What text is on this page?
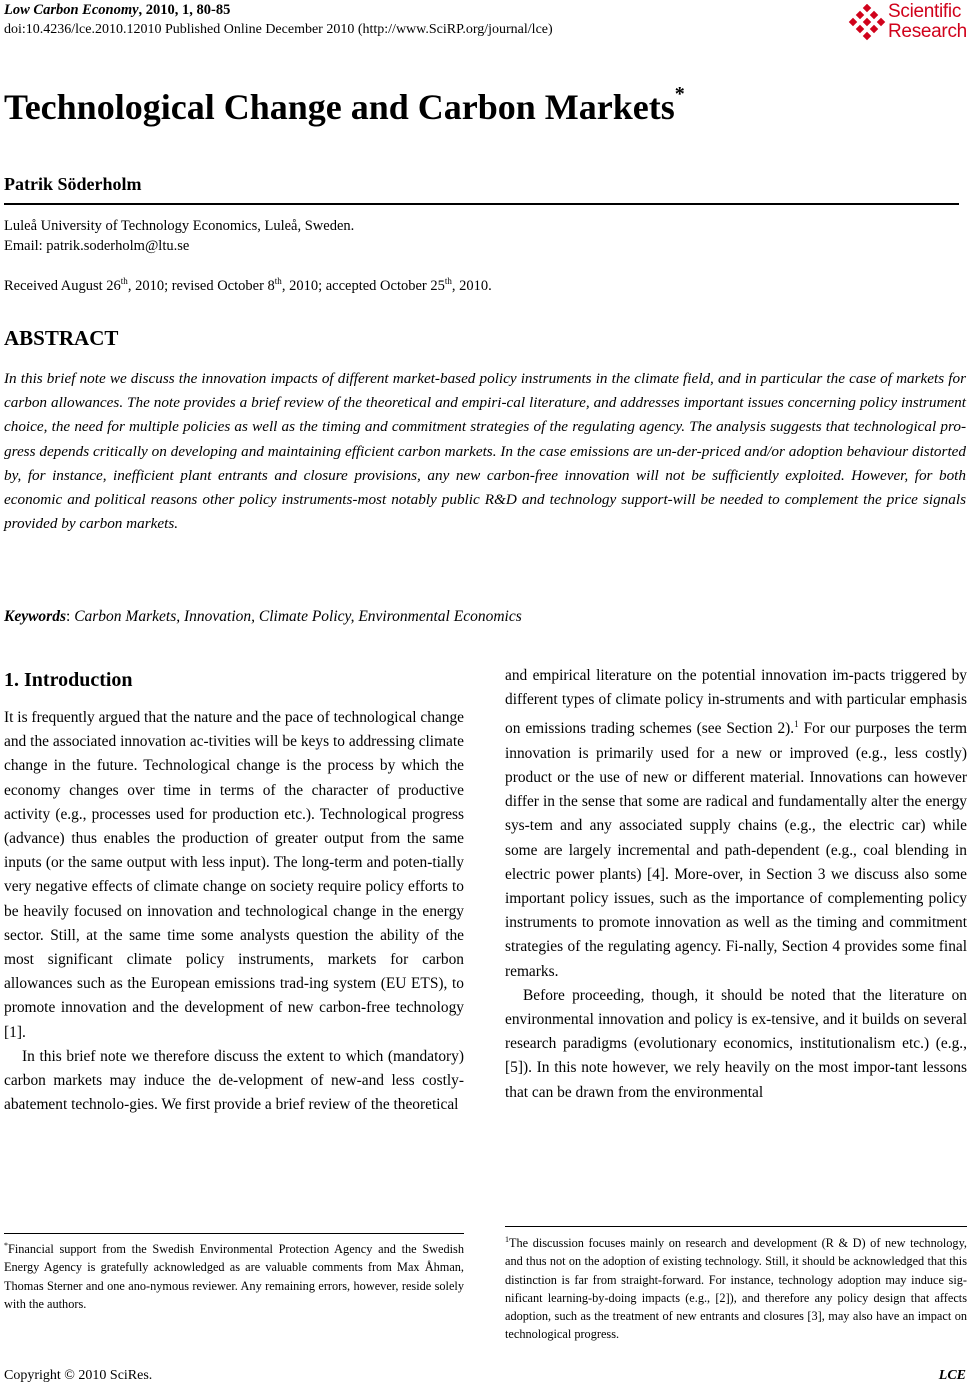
Low Carbon Economy, 2010, 1, 80-85
doi:10.4236/lce.2010.12010 Published Online December 2010 (http://www.SciRP.org/journal/lce)
Scientific
Research
Technological Change and Carbon Markets*
Patrik Söderholm
Luleå University of Technology Economics, Luleå, Sweden.
Email: patrik.soderholm@ltu.se
Received August 26th, 2010; revised October 8th, 2010; accepted October 25th, 2010.
ABSTRACT
In this brief note we discuss the innovation impacts of different market-based policy instruments in the climate field, and in particular the case of markets for carbon allowances. The note provides a brief review of the theoretical and empiri-cal literature, and addresses important issues concerning policy instrument choice, the need for multiple policies as well as the timing and commitment strategies of the regulating agency. The analysis suggests that technological pro-gress depends critically on developing and maintaining efficient carbon markets. In the case emissions are un-der-priced and/or adoption behaviour distorted by, for instance, inefficient plant entrants and closure provisions, any new carbon-free innovation will not be sufficiently exploited. However, for both economic and political reasons other policy instruments-most notably public R&D and technology support-will be needed to complement the price signals provided by carbon markets.
Keywords: Carbon Markets, Innovation, Climate Policy, Environmental Economics
1. Introduction

It is frequently argued that the nature and the pace of technological change and the associated innovation ac-tivities will be keys to addressing climate change in the future. Technological change is the process by which the economy changes over time in terms of the character of productive activity (e.g., processes used for production etc.). Technological progress (advance) thus enables the production of greater output from the same inputs (or the same output with less input). The long-term and poten-tially very negative effects of climate change on society require policy efforts to be heavily focused on innovation and technological change in the energy sector. Still, at the same time some analysts question the ability of the most significant climate policy instruments, markets for carbon allowances such as the European emissions trad-ing system (EU ETS), to promote innovation and the development of new carbon-free technology [1].

In this brief note we therefore discuss the extent to which (mandatory) carbon markets may induce the de-velopment of new-and less costly-abatement technolo-gies. We first provide a brief review of the theoretical

and empirical literature on the potential innovation im-pacts triggered by different types of climate policy in-struments and with particular emphasis on emissions trading schemes (see Section 2).$^1$ For our purposes the term innovation is primarily used for a new or improved (e.g., less costly) product or the use of new or different material. Innovations can however differ in the sense that some are radical and fundamentally alter the energy sys-tem and any associated supply chains (e.g., the electric car) while some are largely incremental and path-dependent (e.g., coal blending in electric power plants) [4]. More-over, in Section 3 we discuss also some important policy issues, such as the importance of complementing policy instruments to promote innovation as well as the timing and commitment strategies of the regulating agency. Fi-nally, Section 4 provides some final remarks.

Before proceeding, though, it should be noted that the literature on environmental innovation and policy is ex-tensive, and it builds on several research paradigms (evolutionary economics, institutionalism etc.) (e.g., [5]). In this note however, we rely heavily on the most impor-tant lessons that can be drawn from the environmental

*Financial support from the Swedish Environmental Protection Agency and the Swedish Energy Agency is gratefully acknowledged as are valuable comments from Max Åhman, Thomas Sterner and one ano-nymous reviewer. Any remaining errors, however, reside solely with the authors.
$^1$The discussion focuses mainly on research and development (R & D) of new technology, and thus not on the adoption of existing technology. Still, it should be acknowledged that this distinction is far from straight-forward. For instance, technology adoption may induce sig-nificant learning-by-doing impacts (e.g., [2]), and therefore any policy design that affects adoption, such as the treatment of new entrants and closures [3], may also have an impact on technological progress.
Copyright © 2010 SciRes.	LCE
